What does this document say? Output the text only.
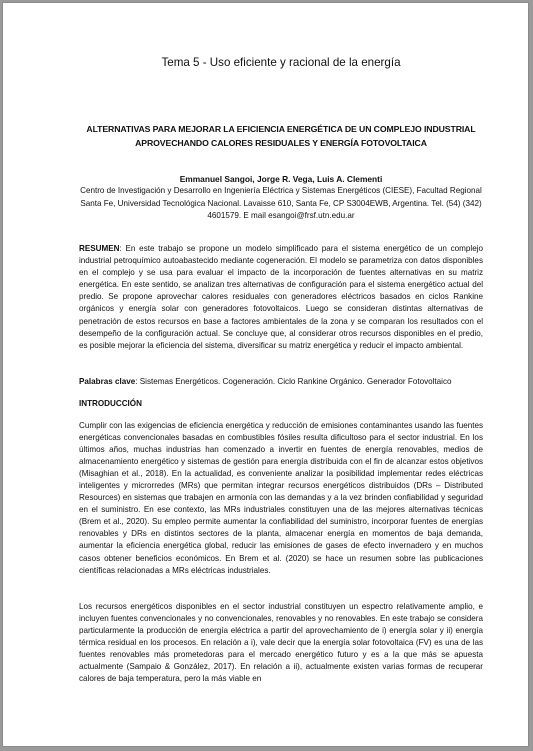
Tema 5 - Uso eficiente y racional de la energía
ALTERNATIVAS PARA MEJORAR LA EFICIENCIA ENERGÉTICA DE UN COMPLEJO INDUSTRIAL
APROVECHANDO CALORES RESIDUALES Y ENERGÍA FOTOVOLTAICA
Emmanuel Sangoi, Jorge R. Vega, Luis A. Clementi
Centro de Investigación y Desarrollo en Ingeniería Eléctrica y Sistemas Energéticos (CIESE), Facultad Regional Santa Fe, Universidad Tecnológica Nacional. Lavaisse 610, Santa Fe, CP S3004EWB, Argentina. Tel. (54) (342) 4601579. E mail esangoi@frsf.utn.edu.ar

RESUMEN: En este trabajo se propone un modelo simplificado para el sistema energético de un complejo industrial petroquímico autoabastecido mediante cogeneración. El modelo se parametriza con datos disponibles en el complejo y se usa para evaluar el impacto de la incorporación de fuentes alternativas en su matriz energética. En este sentido, se analizan tres alternativas de configuración para el sistema energético actual del predio. Se propone aprovechar calores residuales con generadores eléctricos basados en ciclos Rankine orgánicos y energía solar con generadores fotovoltaicos. Luego se consideran distintas alternativas de penetración de estos recursos en base a factores ambientales de la zona y se comparan los resultados con el desempeño de la configuración actual. Se concluye que, al considerar otros recursos disponibles en el predio, es posible mejorar la eficiencia del sistema, diversificar su matriz energética y reducir el impacto ambiental.

Palabras clave: Sistemas Energéticos. Cogeneración. Ciclo Rankine Orgánico. Generador Fotovoltaico

INTRODUCCIÓN

Cumplir con las exigencias de eficiencia energética y reducción de emisiones contaminantes usando las fuentes energéticas convencionales basadas en combustibles fósiles resulta dificultoso para el sector industrial. En los últimos años, muchas industrias han comenzado a invertir en fuentes de energía renovables, medios de almacenamiento energético y sistemas de gestión para energía distribuida con el fin de alcanzar estos objetivos (Misaghian et al., 2018). En la actualidad, es conveniente analizar la posibilidad implementar redes eléctricas inteligentes y microrredes (MRs) que permitan integrar recursos energéticos distribuidos (DRs – Distributed Resources) en sistemas que trabajen en armonía con las demandas y a la vez brinden confiabilidad y seguridad en el suministro. En ese contexto, las MRs industriales constituyen una de las mejores alternativas técnicas (Brem et al., 2020). Su empleo permite aumentar la confiabilidad del suministro, incorporar fuentes de energías renovables y DRs en distintos sectores de la planta, almacenar energía en momentos de baja demanda, aumentar la eficiencia energética global, reducir las emisiones de gases de efecto invernadero y en muchos casos obtener beneficios económicos. En Brem et al. (2020) se hace un resumen sobre las publicaciones científicas relacionadas a MRs eléctricas industriales.

Los recursos energéticos disponibles en el sector industrial constituyen un espectro relativamente amplio, e incluyen fuentes convencionales y no convencionales, renovables y no renovables. En este trabajo se considera particularmente la producción de energía eléctrica a partir del aprovechamiento de i) energía solar y ii) energía térmica residual en los procesos. En relación a i), vale decir que la energía solar fotovoltaica (FV) es una de las fuentes renovables más prometedoras para el mercado energético futuro y es a la que más se apuesta actualmente (Sampaio & González, 2017). En relación a ii), actualmente existen varias formas de recuperar calores de baja temperatura, pero la más viable en
